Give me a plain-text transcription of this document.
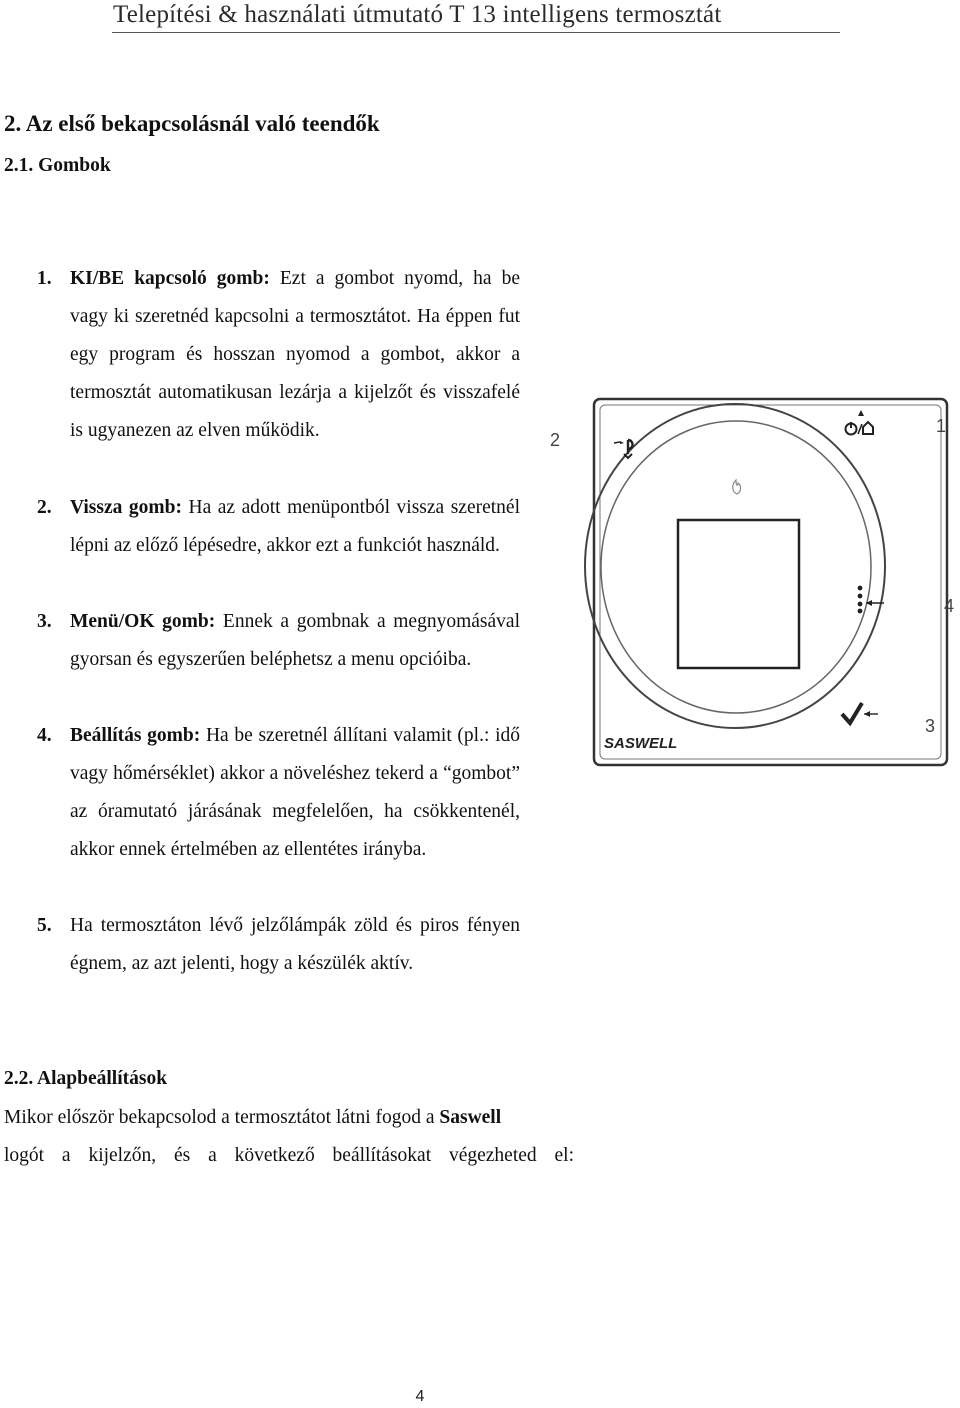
Telepítési & használati útmutató T 13 intelligens termosztát
2. Az első bekapcsolásnál való teendők
2.1. Gombok
1. KI/BE kapcsoló gomb: Ezt a gombot nyomd, ha be vagy ki szeretnéd kapcsolni a termosztátot. Ha éppen fut egy program és hosszan nyomod a gombot, akkor a termosztát automatikusan lezárja a kijelzőt és visszafelé is ugyanezen az elven működik.
2. Vissza gomb: Ha az adott menüpontból vissza szeretnél lépni az előző lépésedre, akkor ezt a funkciót használd.
3. Menü/OK gomb: Ennek a gombnak a megnyomásával gyorsan és egyszerűen beléphetsz a menu opcióiba.
4. Beállítás gomb: Ha be szeretnél állítani valamit (pl.: idő vagy hőmérséklet) akkor a növeléshez tekerd a “gombot” az óramutató járásának megfelelően, ha csökkentenél, akkor ennek értelmében az ellentétes irányba.
5. Ha termosztáton lévő jelzőlámpák zöld és piros fényen égnem, az azt jelenti, hogy a készülék aktív.
SASWELL
1
2
4
3
2.2. Alapbeállítások
Mikor először bekapcsolod a termosztátot látni fogod a Saswell
logót a kijelzőn, és a következő beállításokat végezheted el:
4
